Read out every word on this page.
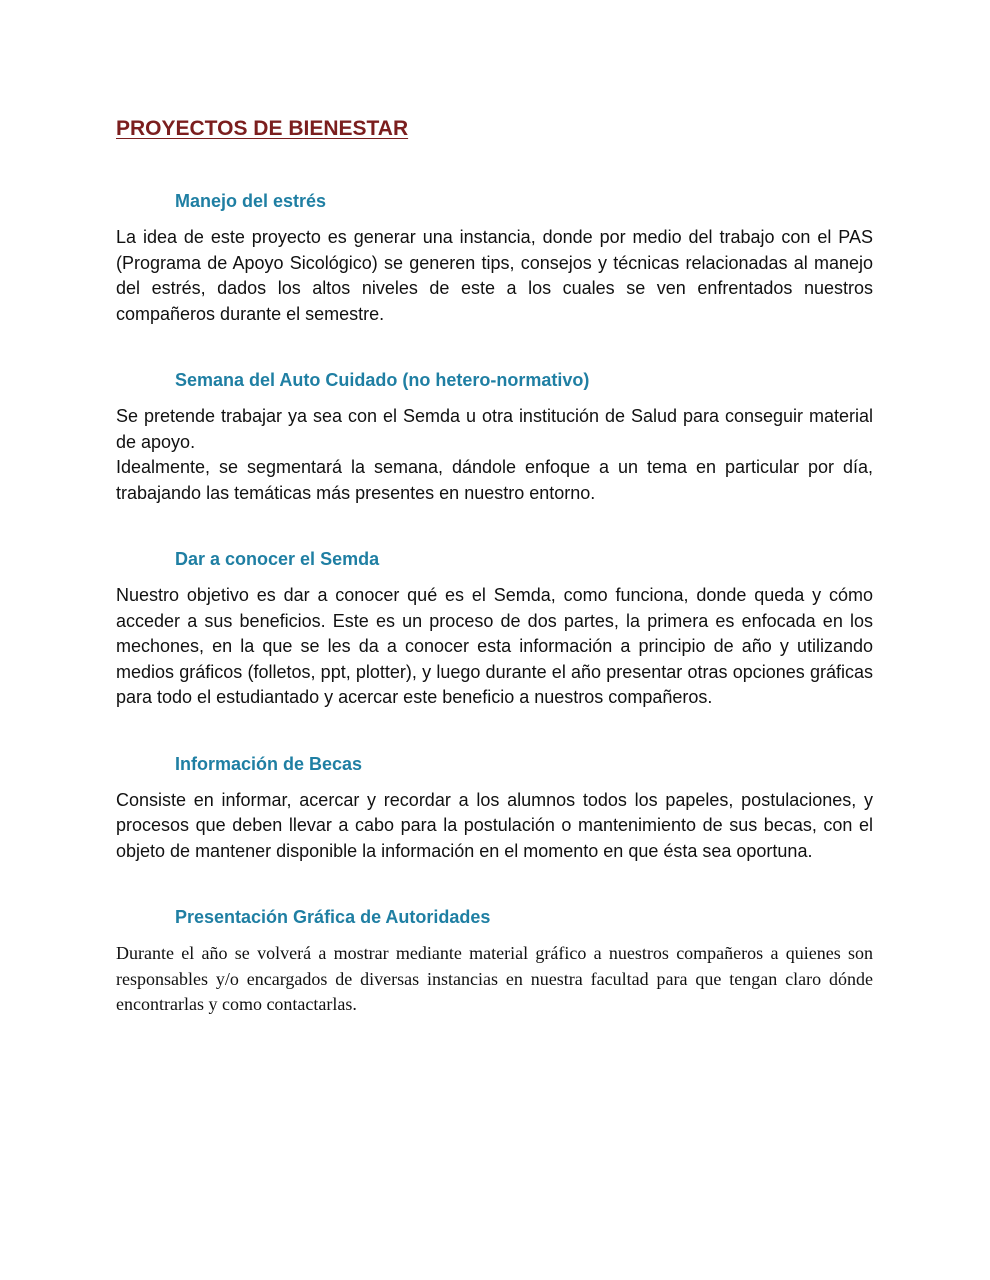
PROYECTOS DE BIENESTAR
Manejo del estrés

La idea de este proyecto es generar una instancia, donde por medio del trabajo con el PAS (Programa de Apoyo Sicológico) se generen tips, consejos y técnicas relacionadas al manejo del estrés, dados los altos niveles de este a los cuales se ven enfrentados nuestros compañeros durante el semestre.

Semana del Auto Cuidado (no hetero-normativo)

Se pretende trabajar ya sea con el Semda u otra institución de Salud para conseguir material de apoyo.

Idealmente, se segmentará la semana, dándole enfoque a un tema en particular por día, trabajando las temáticas más presentes en nuestro entorno.

Dar a conocer el Semda

Nuestro objetivo es dar a conocer qué es el Semda, como funciona, donde queda y cómo acceder a sus beneficios. Este es un proceso de dos partes, la primera es enfocada en los mechones, en la que se les da a conocer esta información a principio de año y utilizando medios gráficos (folletos, ppt, plotter), y luego durante el año presentar otras opciones gráficas para todo el estudiantado y acercar este beneficio a nuestros compañeros.

Información de Becas

Consiste en informar, acercar y recordar a los alumnos todos los papeles, postulaciones, y procesos que deben llevar a cabo para la postulación o mantenimiento de sus becas, con el objeto de mantener disponible la información en el momento en que ésta sea oportuna.

Presentación Gráfica de Autoridades

Durante el año se volverá a mostrar mediante material gráfico a nuestros compañeros a quienes son responsables y/o encargados de diversas instancias en nuestra facultad para que tengan claro dónde encontrarlas y como contactarlas.
